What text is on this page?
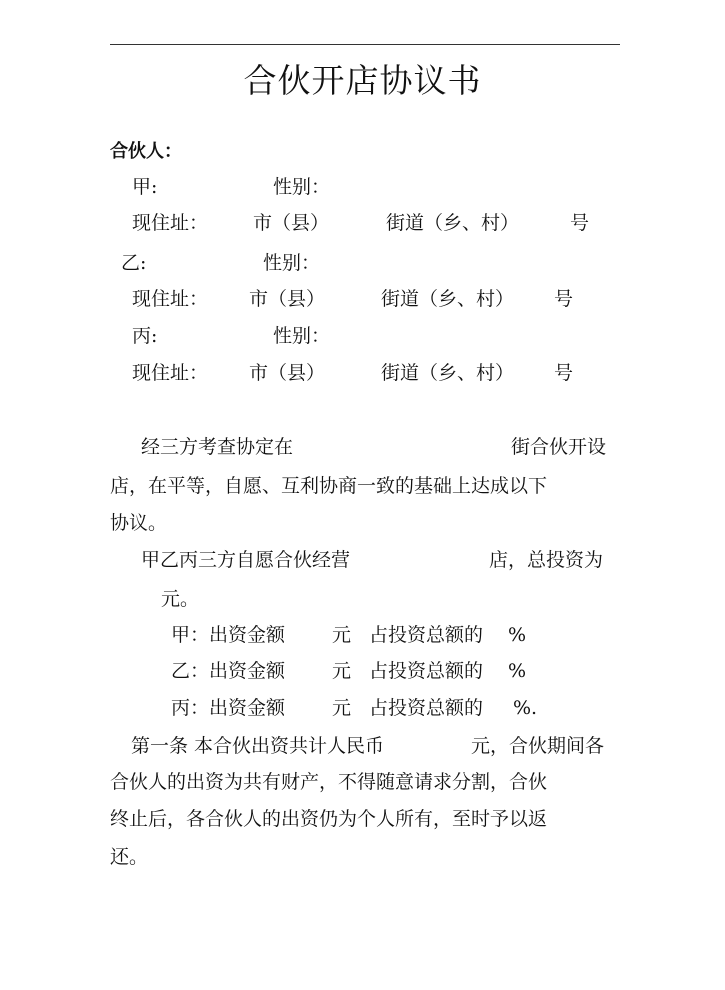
合伙开店协议书
合伙人：
甲:	性别：
现住址： 市（县）	街道（乡、村）	号
乙:	性别：
现住址： 市（县）	街道（乡、村） 号
丙:	性别：
现住址： 市（县）	街道（乡、村） 号
经三方考查协定在	街合伙开设
店，在平等，自愿、互利协商一致的基础上达成以下
协议。
甲乙丙三方自愿合伙经营	店，总投资为
元。
甲：出资金额 元 占投资总额的 %
乙：出资金额 元 占投资总额的 %
丙：出资金额 元 占投资总额的 %.
第一条 本合伙出资共计人民币	元，合伙期间各
合伙人的出资为共有财产，不得随意请求分割，合伙
终止后，各合伙人的出资仍为个人所有，至时予以返
还。
